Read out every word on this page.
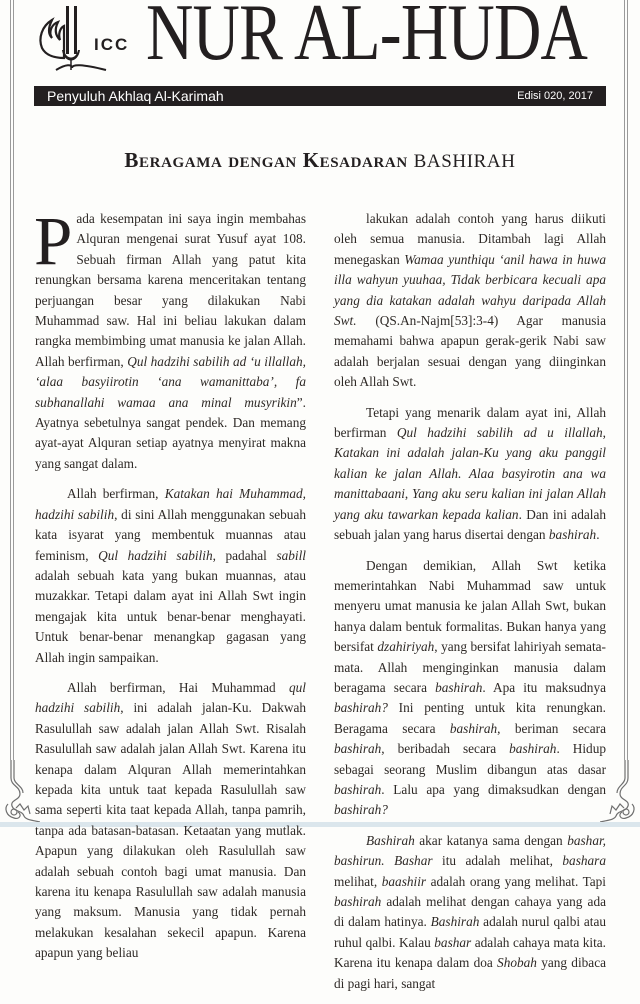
ICC NUR AL-HUDA
Penyuluh Akhlaq Al-Karimah	Edisi 020, 2017
Beragama dengan Kesadaran BASHIRAH

Pada kesempatan ini saya ingin membahas Alquran mengenai surat Yusuf ayat 108. Sebuah firman Allah yang patut kita renungkan bersama karena menceritakan tentang perjuangan besar yang dilakukan Nabi Muhammad saw. Hal ini beliau lakukan dalam rangka membimbing umat manusia ke jalan Allah. Allah berfirman, Qul hadzihi sabilih ad ‘u illallah, ‘alaa basyiirotin ‘ana wamanittaba’, fa subhanallahi wamaa ana minal musyrikin”. Ayatnya sebetulnya sangat pendek. Dan memang ayat-ayat Alquran setiap ayatnya menyirat makna yang sangat dalam.

Allah berfirman, Katakan hai Muhammad, hadzihi sabilih, di sini Allah menggunakan sebuah kata isyarat yang membentuk muannas atau feminism, Qul hadzihi sabilih, padahal sabill adalah sebuah kata yang bukan muannas, atau muzakkar. Tetapi dalam ayat ini Allah Swt ingin mengajak kita untuk benar-benar menghayati. Untuk benar-benar menangkap gagasan yang Allah ingin sampaikan.

Allah berfirman, Hai Muhammad qul hadzihi sabilih, ini adalah jalan-Ku. Dakwah Rasulullah saw adalah jalan Allah Swt. Risalah Rasulullah saw adalah jalan Allah Swt. Karena itu kenapa dalam Alquran Allah memerintahkan kepada kita untuk taat kepada Rasulullah saw sama seperti kita taat kepada Allah, tanpa pamrih, tanpa ada batasan-batasan. Ketaatan yang mutlak. Apapun yang dilakukan oleh Rasulullah saw adalah sebuah contoh bagi umat manusia. Dan karena itu kenapa Rasulullah saw adalah manusia yang maksum. Manusia yang tidak pernah melakukan kesalahan sekecil apapun. Karena apapun yang beliau

lakukan adalah contoh yang harus diikuti oleh semua manusia. Ditambah lagi Allah menegaskan Wamaa yunthiqu ‘anil hawa in huwa illa wahyun yuuhaa, Tidak berbicara kecuali apa yang dia katakan adalah wahyu daripada Allah Swt. (QS.An-Najm[53]:3-4) Agar manusia memahami bahwa apapun gerak-gerik Nabi saw adalah berjalan sesuai dengan yang diinginkan oleh Allah Swt.

Tetapi yang menarik dalam ayat ini, Allah berfirman Qul hadzihi sabilih ad u illallah, Katakan ini adalah jalan-Ku yang aku panggil kalian ke jalan Allah. Alaa basyirotin ana wa manittabaani, Yang aku seru kalian ini jalan Allah yang aku tawarkan kepada kalian. Dan ini adalah sebuah jalan yang harus disertai dengan bashirah.

Dengan demikian, Allah Swt ketika memerintahkan Nabi Muhammad saw untuk menyeru umat manusia ke jalan Allah Swt, bukan hanya dalam bentuk formalitas. Bukan hanya yang bersifat dzahiriyah, yang bersifat lahiriyah semata-mata. Allah menginginkan manusia dalam beragama secara bashirah. Apa itu maksudnya bashirah? Ini penting untuk kita renungkan. Beragama secara bashirah, beriman secara bashirah, beribadah secara bashirah. Hidup sebagai seorang Muslim dibangun atas dasar bashirah. Lalu apa yang dimaksudkan dengan bashirah?

Bashirah akar katanya sama dengan bashar, bashirun. Bashar itu adalah melihat, bashara melihat, baashiir adalah orang yang melihat. Tapi bashirah adalah melihat dengan cahaya yang ada di dalam hatinya. Bashirah adalah nurul qalbi atau ruhul qalbi. Kalau bashar adalah cahaya mata kita. Karena itu kenapa dalam doa Shobah yang dibaca di pagi hari, sangat
